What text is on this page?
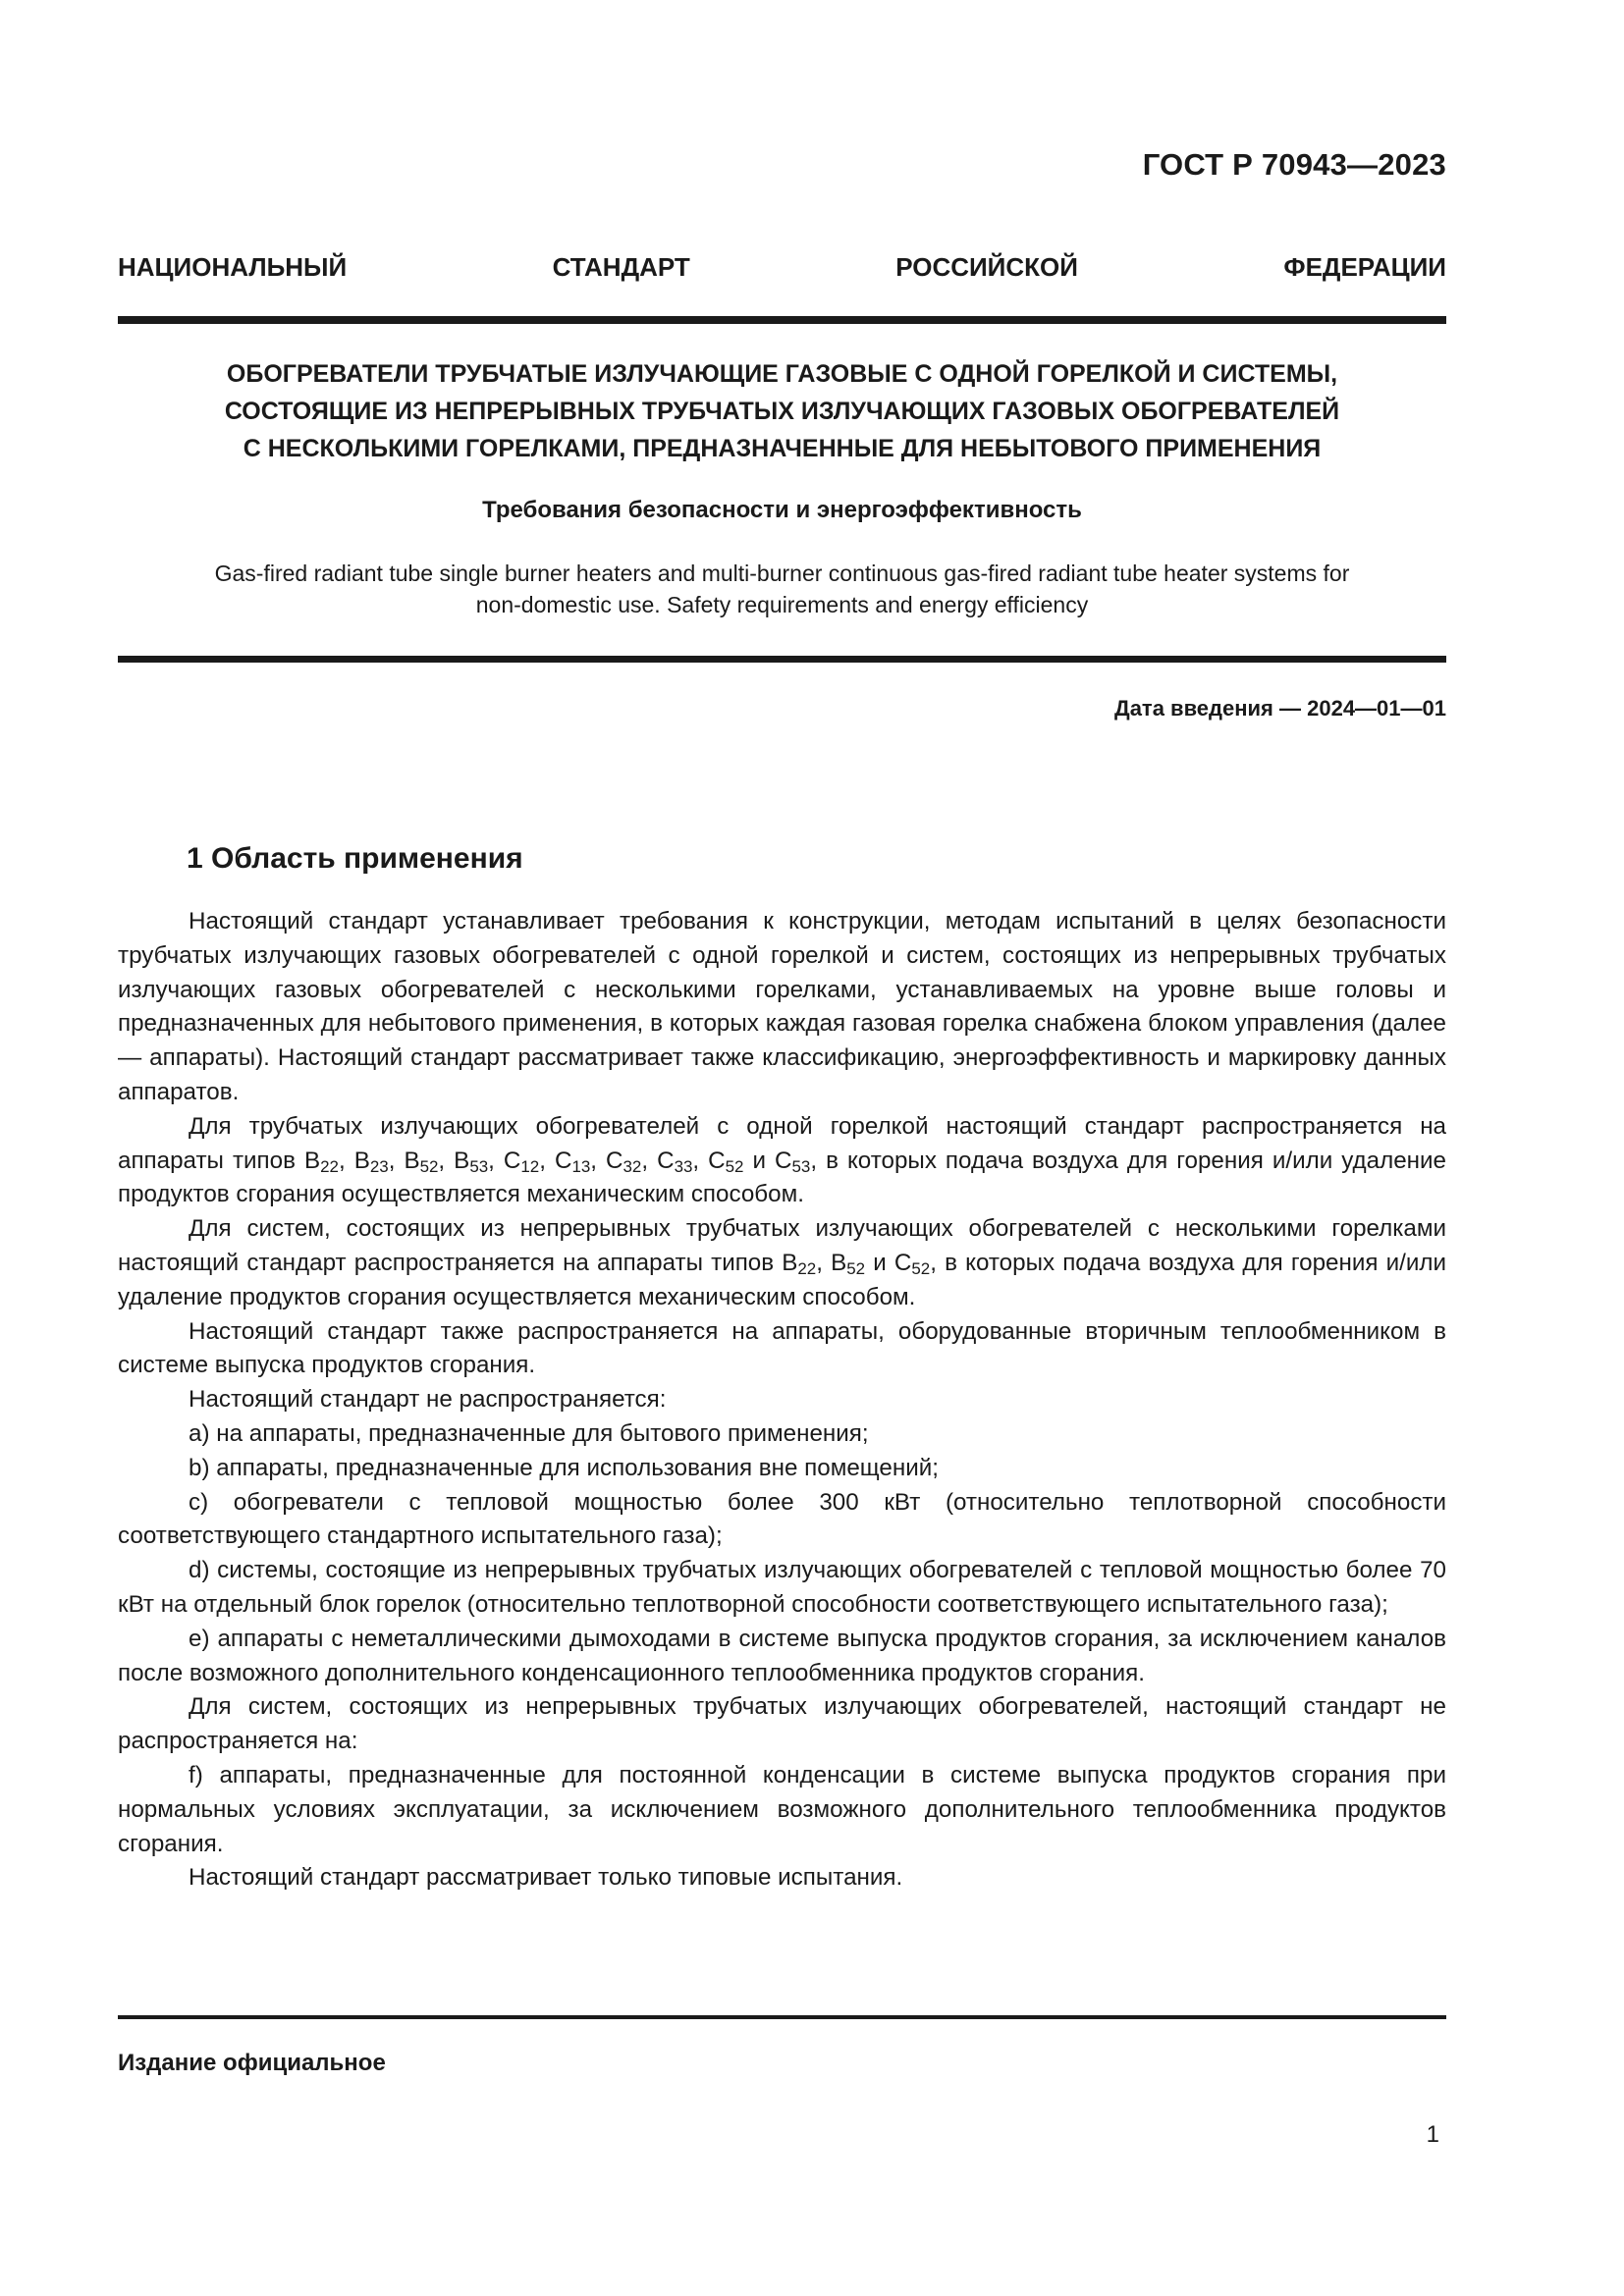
ГОСТ Р 70943—2023
НАЦИОНАЛЬНЫЙ СТАНДАРТ РОССИЙСКОЙ ФЕДЕРАЦИИ
ОБОГРЕВАТЕЛИ ТРУБЧАТЫЕ ИЗЛУЧАЮЩИЕ ГАЗОВЫЕ С ОДНОЙ ГОРЕЛКОЙ И СИСТЕМЫ,
СОСТОЯЩИЕ ИЗ НЕПРЕРЫВНЫХ ТРУБЧАТЫХ ИЗЛУЧАЮЩИХ ГАЗОВЫХ ОБОГРЕВАТЕЛЕЙ
С НЕСКОЛЬКИМИ ГОРЕЛКАМИ, ПРЕДНАЗНАЧЕННЫЕ ДЛЯ НЕБЫТОВОГО ПРИМЕНЕНИЯ
Требования безопасности и энергоэффективность
Gas-fired radiant tube single burner heaters and multi-burner continuous gas-fired radiant tube heater systems for
non-domestic use. Safety requirements and energy efficiency
Дата введения — 2024—01—01
1 Область применения

Настоящий стандарт устанавливает требования к конструкции, методам испытаний в целях безопасности трубчатых излучающих газовых обогревателей с одной горелкой и систем, состоящих из непрерывных трубчатых излучающих газовых обогревателей с несколькими горелками, устанавливаемых на уровне выше головы и предназначенных для небытового применения, в которых каждая газовая горелка снабжена блоком управления (далее — аппараты). Настоящий стандарт рассматривает также классификацию, энергоэффективность и маркировку данных аппаратов.

Для трубчатых излучающих обогревателей с одной горелкой настоящий стандарт распространяется на аппараты типов $B_{22}$, $B_{23}$, $B_{52}$, $B_{53}$, $C_{12}$, $C_{13}$, $C_{32}$, $C_{33}$, $C_{52}$ и $C_{53}$, в которых подача воздуха для горения и/или удаление продуктов сгорания осуществляется механическим способом.

Для систем, состоящих из непрерывных трубчатых излучающих обогревателей с несколькими горелками настоящий стандарт распространяется на аппараты типов $B_{22}$, $B_{52}$ и $C_{52}$, в которых подача воздуха для горения и/или удаление продуктов сгорания осуществляется механическим способом.

Настоящий стандарт также распространяется на аппараты, оборудованные вторичным теплообменником в системе выпуска продуктов сгорания.

Настоящий стандарт не распространяется:

a) на аппараты, предназначенные для бытового применения;

b) аппараты, предназначенные для использования вне помещений;

c) обогреватели с тепловой мощностью более 300 кВт (относительно теплотворной способности соответствующего стандартного испытательного газа);

d) системы, состоящие из непрерывных трубчатых излучающих обогревателей с тепловой мощностью более 70 кВт на отдельный блок горелок (относительно теплотворной способности соответствующего испытательного газа);

e) аппараты с неметаллическими дымоходами в системе выпуска продуктов сгорания, за исключением каналов после возможного дополнительного конденсационного теплообменника продуктов сгорания.

Для систем, состоящих из непрерывных трубчатых излучающих обогревателей, настоящий стандарт не распространяется на:

f) аппараты, предназначенные для постоянной конденсации в системе выпуска продуктов сгорания при нормальных условиях эксплуатации, за исключением возможного дополнительного теплообменника продуктов сгорания.

Настоящий стандарт рассматривает только типовые испытания.

Издание официальное
1
